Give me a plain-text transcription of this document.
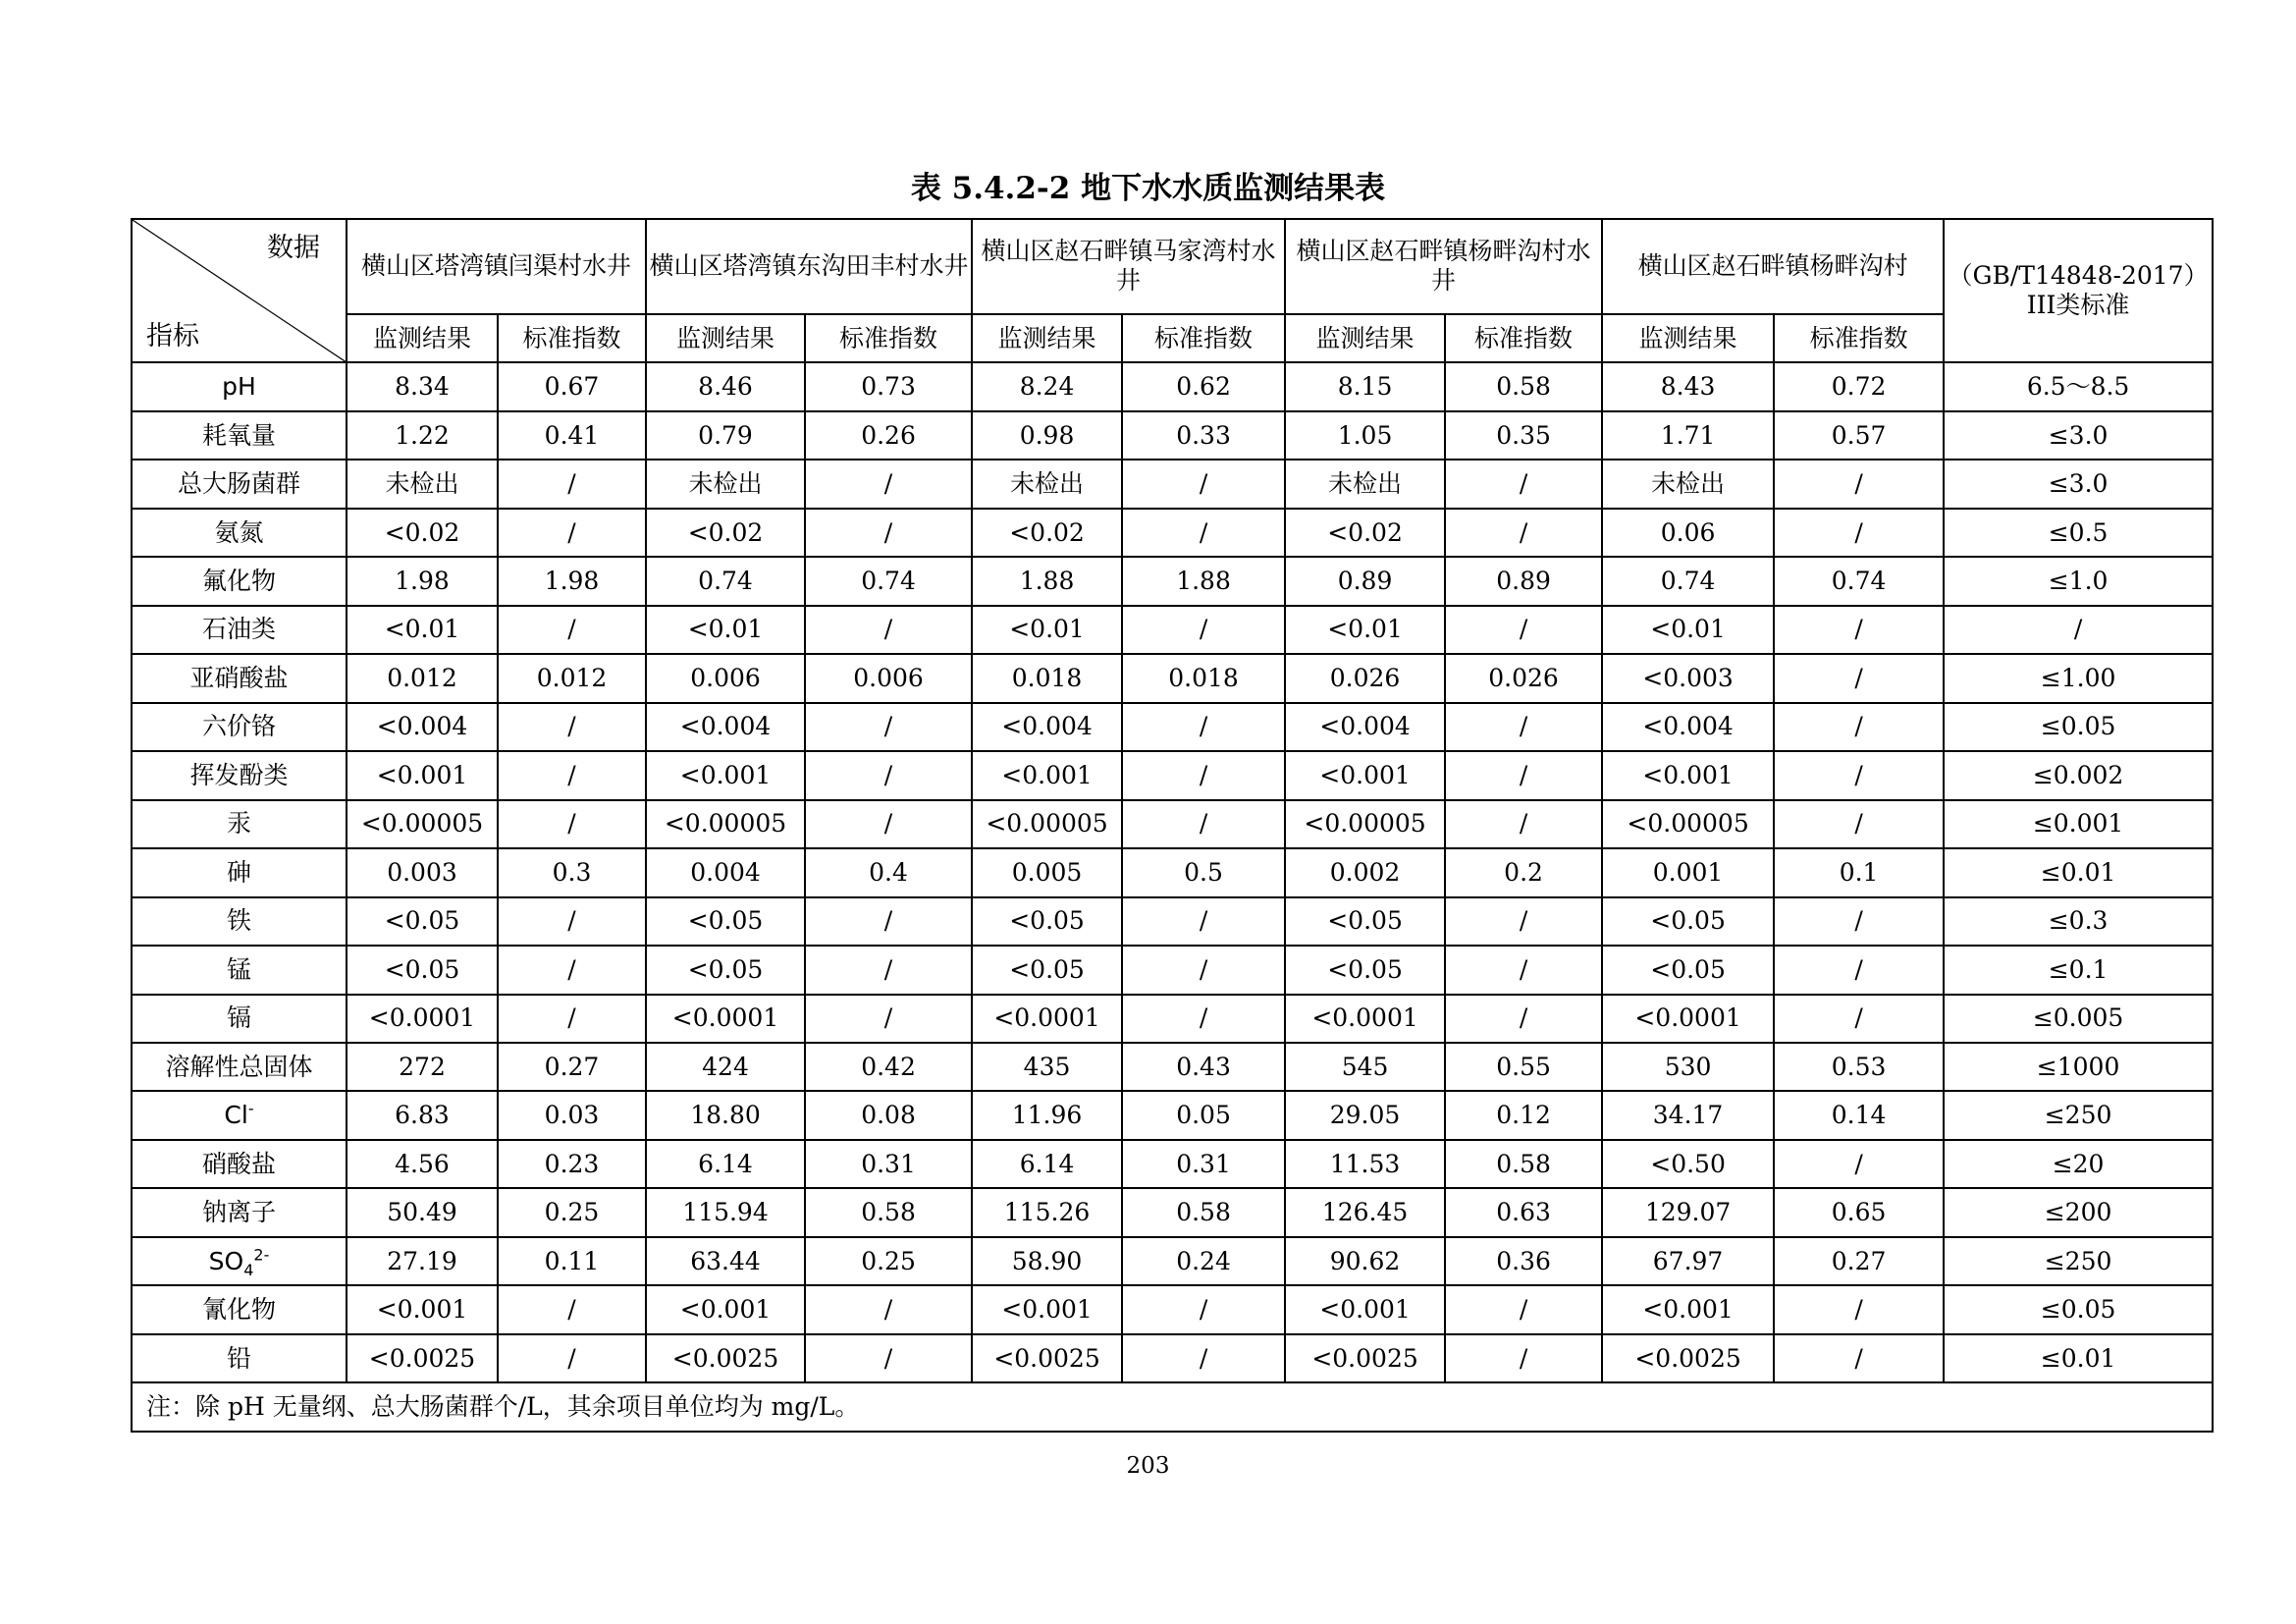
表 5.4.2-2 地下水水质监测结果表
数据
指标	横山区塔湾镇闫渠村水井		横山区塔湾镇东沟田丰村水井		横山区赵石畔镇马家湾村水井		横山区赵石畔镇杨畔沟村水井		横山区赵石畔镇杨畔沟村		（GB/T14848-2017）III类标准
	监测结果	标准指数	监测结果	标准指数	监测结果	标准指数	监测结果	标准指数	监测结果	标准指数	
pH	8.34	0.67	8.46	0.73	8.24	0.62	8.15	0.58	8.43	0.72	6.5～8.5
耗氧量	1.22	0.41	0.79	0.26	0.98	0.33	1.05	0.35	1.71	0.57	≤3.0
总大肠菌群	未检出	/	未检出	/	未检出	/	未检出	/	未检出	/	≤3.0
氨氮	<0.02	/	<0.02	/	<0.02	/	<0.02	/	0.06	/	≤0.5
氟化物	1.98	1.98	0.74	0.74	1.88	1.88	0.89	0.89	0.74	0.74	≤1.0
石油类	<0.01	/	<0.01	/	<0.01	/	<0.01	/	<0.01	/	/
亚硝酸盐	0.012	0.012	0.006	0.006	0.018	0.018	0.026	0.026	<0.003	/	≤1.00
六价铬	<0.004	/	<0.004	/	<0.004	/	<0.004	/	<0.004	/	≤0.05
挥发酚类	<0.001	/	<0.001	/	<0.001	/	<0.001	/	<0.001	/	≤0.002
汞	<0.00005	/	<0.00005	/	<0.00005	/	<0.00005	/	<0.00005	/	≤0.001
砷	0.003	0.3	0.004	0.4	0.005	0.5	0.002	0.2	0.001	0.1	≤0.01
铁	<0.05	/	<0.05	/	<0.05	/	<0.05	/	<0.05	/	≤0.3
锰	<0.05	/	<0.05	/	<0.05	/	<0.05	/	<0.05	/	≤0.1
镉	<0.0001	/	<0.0001	/	<0.0001	/	<0.0001	/	<0.0001	/	≤0.005
溶解性总固体	272	0.27	424	0.42	435	0.43	545	0.55	530	0.53	≤1000
Cl-	6.83	0.03	18.80	0.08	11.96	0.05	29.05	0.12	34.17	0.14	≤250
硝酸盐	4.56	0.23	6.14	0.31	6.14	0.31	11.53	0.58	<0.50	/	≤20
钠离子	50.49	0.25	115.94	0.58	115.26	0.58	126.45	0.63	129.07	0.65	≤200
$SO_4^{2-}$	27.19	0.11	63.44	0.25	58.90	0.24	90.62	0.36	67.97	0.27	≤250
氰化物	<0.001	/	<0.001	/	<0.001	/	<0.001	/	<0.001	/	≤0.05
铅	<0.0025	/	<0.0025	/	<0.0025	/	<0.0025	/	<0.0025	/	≤0.01
注：除 pH 无量纲、总大肠菌群个/L，其余项目单位均为 mg/L。											
203
